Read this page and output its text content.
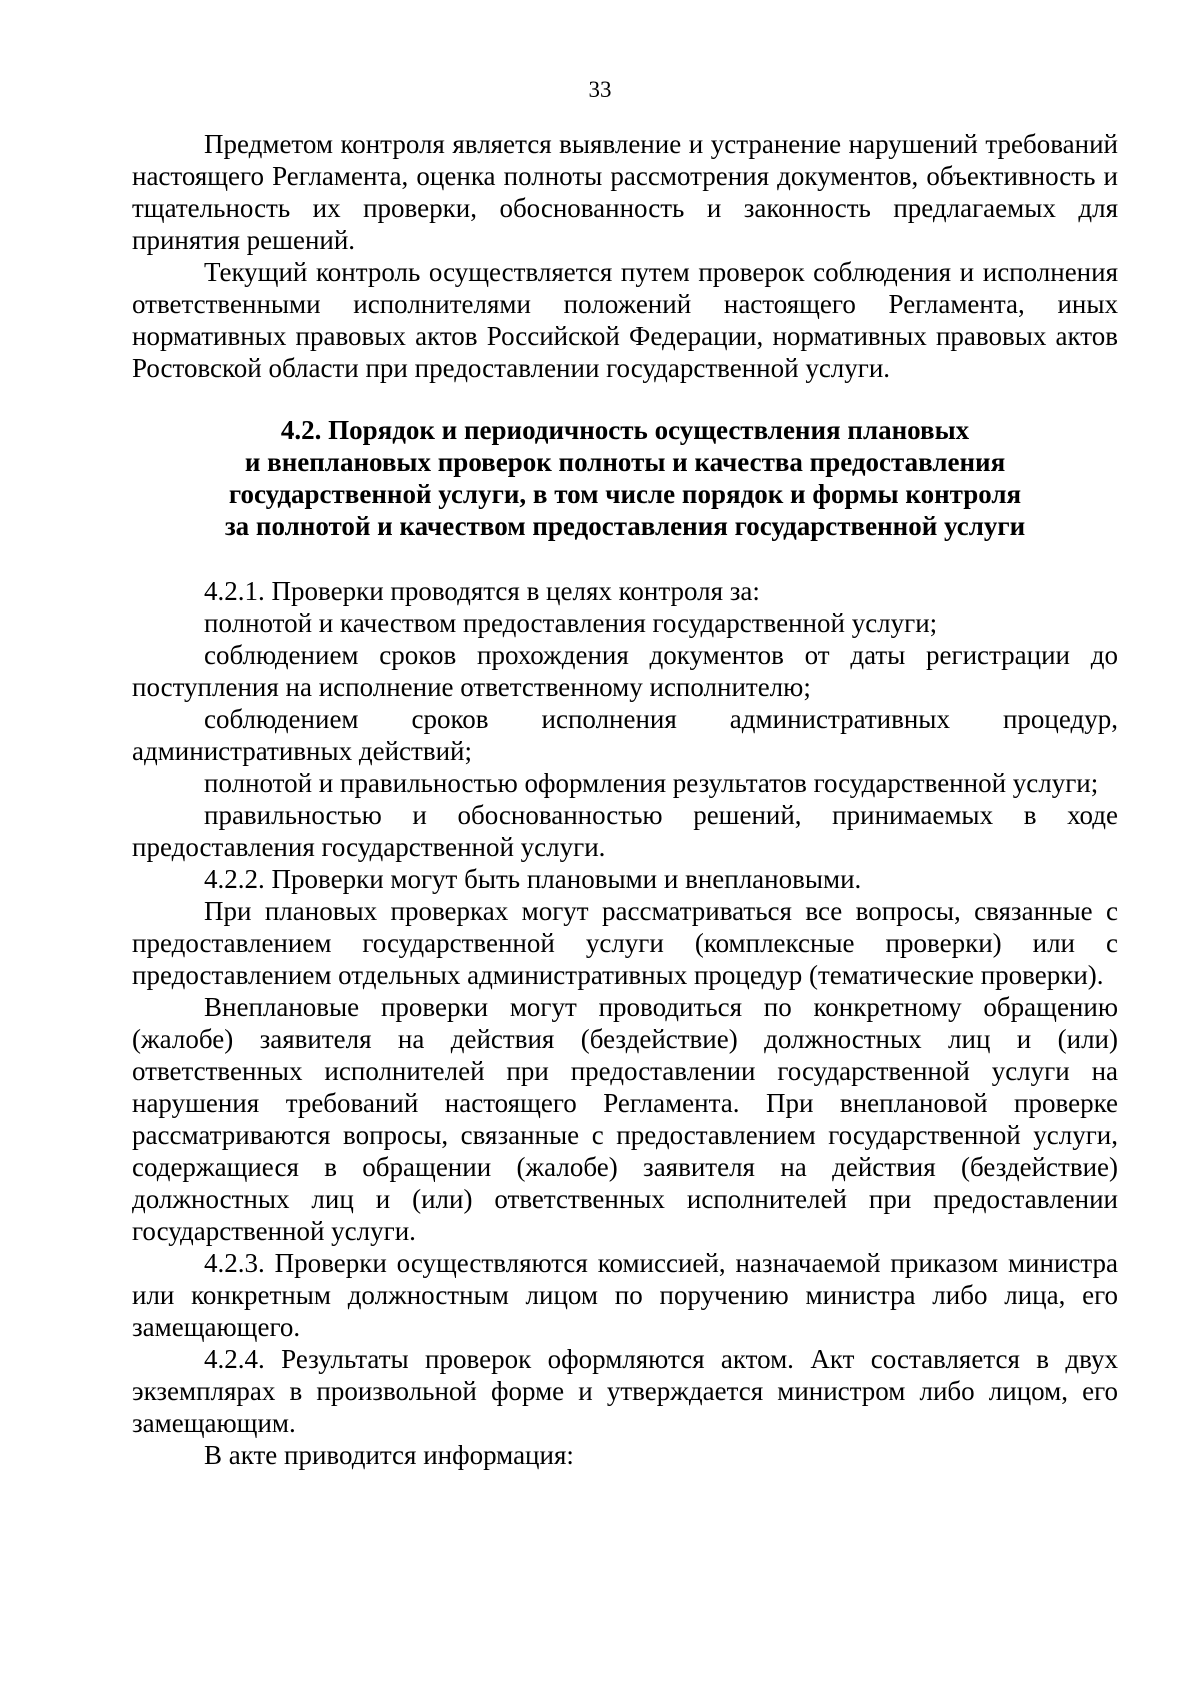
33

Предметом контроля является выявление и устранение нарушений требований настоящего Регламента, оценка полноты рассмотрения документов, объективность и тщательность их проверки, обоснованность и законность предлагаемых для принятия решений.

Текущий контроль осуществляется путем проверок соблюдения и исполнения ответственными исполнителями положений настоящего Регламента, иных нормативных правовых актов Российской Федерации, нормативных правовых актов Ростовской области при предоставлении государственной услуги.

4.2. Порядок и периодичность осуществления плановых
и внеплановых проверок полноты и качества предоставления
государственной услуги, в том числе порядок и формы контроля
за полнотой и качеством предоставления государственной услуги

4.2.1. Проверки проводятся в целях контроля за:

полнотой и качеством предоставления государственной услуги;

соблюдением сроков прохождения документов от даты регистрации до поступления на исполнение ответственному исполнителю;

соблюдением сроков исполнения административных процедур, административных действий;

полнотой и правильностью оформления результатов государственной услуги;

правильностью и обоснованностью решений, принимаемых в ходе предоставления государственной услуги.

4.2.2. Проверки могут быть плановыми и внеплановыми.

При плановых проверках могут рассматриваться все вопросы, связанные с предоставлением государственной услуги (комплексные проверки) или с предоставлением отдельных административных процедур (тематические проверки).

Внеплановые проверки могут проводиться по конкретному обращению (жалобе) заявителя на действия (бездействие) должностных лиц и (или) ответственных исполнителей при предоставлении государственной услуги на нарушения требований настоящего Регламента. При внеплановой проверке рассматриваются вопросы, связанные с предоставлением государственной услуги, содержащиеся в обращении (жалобе) заявителя на действия (бездействие) должностных лиц и (или) ответственных исполнителей при предоставлении государственной услуги.

4.2.3. Проверки осуществляются комиссией, назначаемой приказом министра или конкретным должностным лицом по поручению министра либо лица, его замещающего.

4.2.4. Результаты проверок оформляются актом. Акт составляется в двух экземплярах в произвольной форме и утверждается министром либо лицом, его замещающим.

В акте приводится информация:
